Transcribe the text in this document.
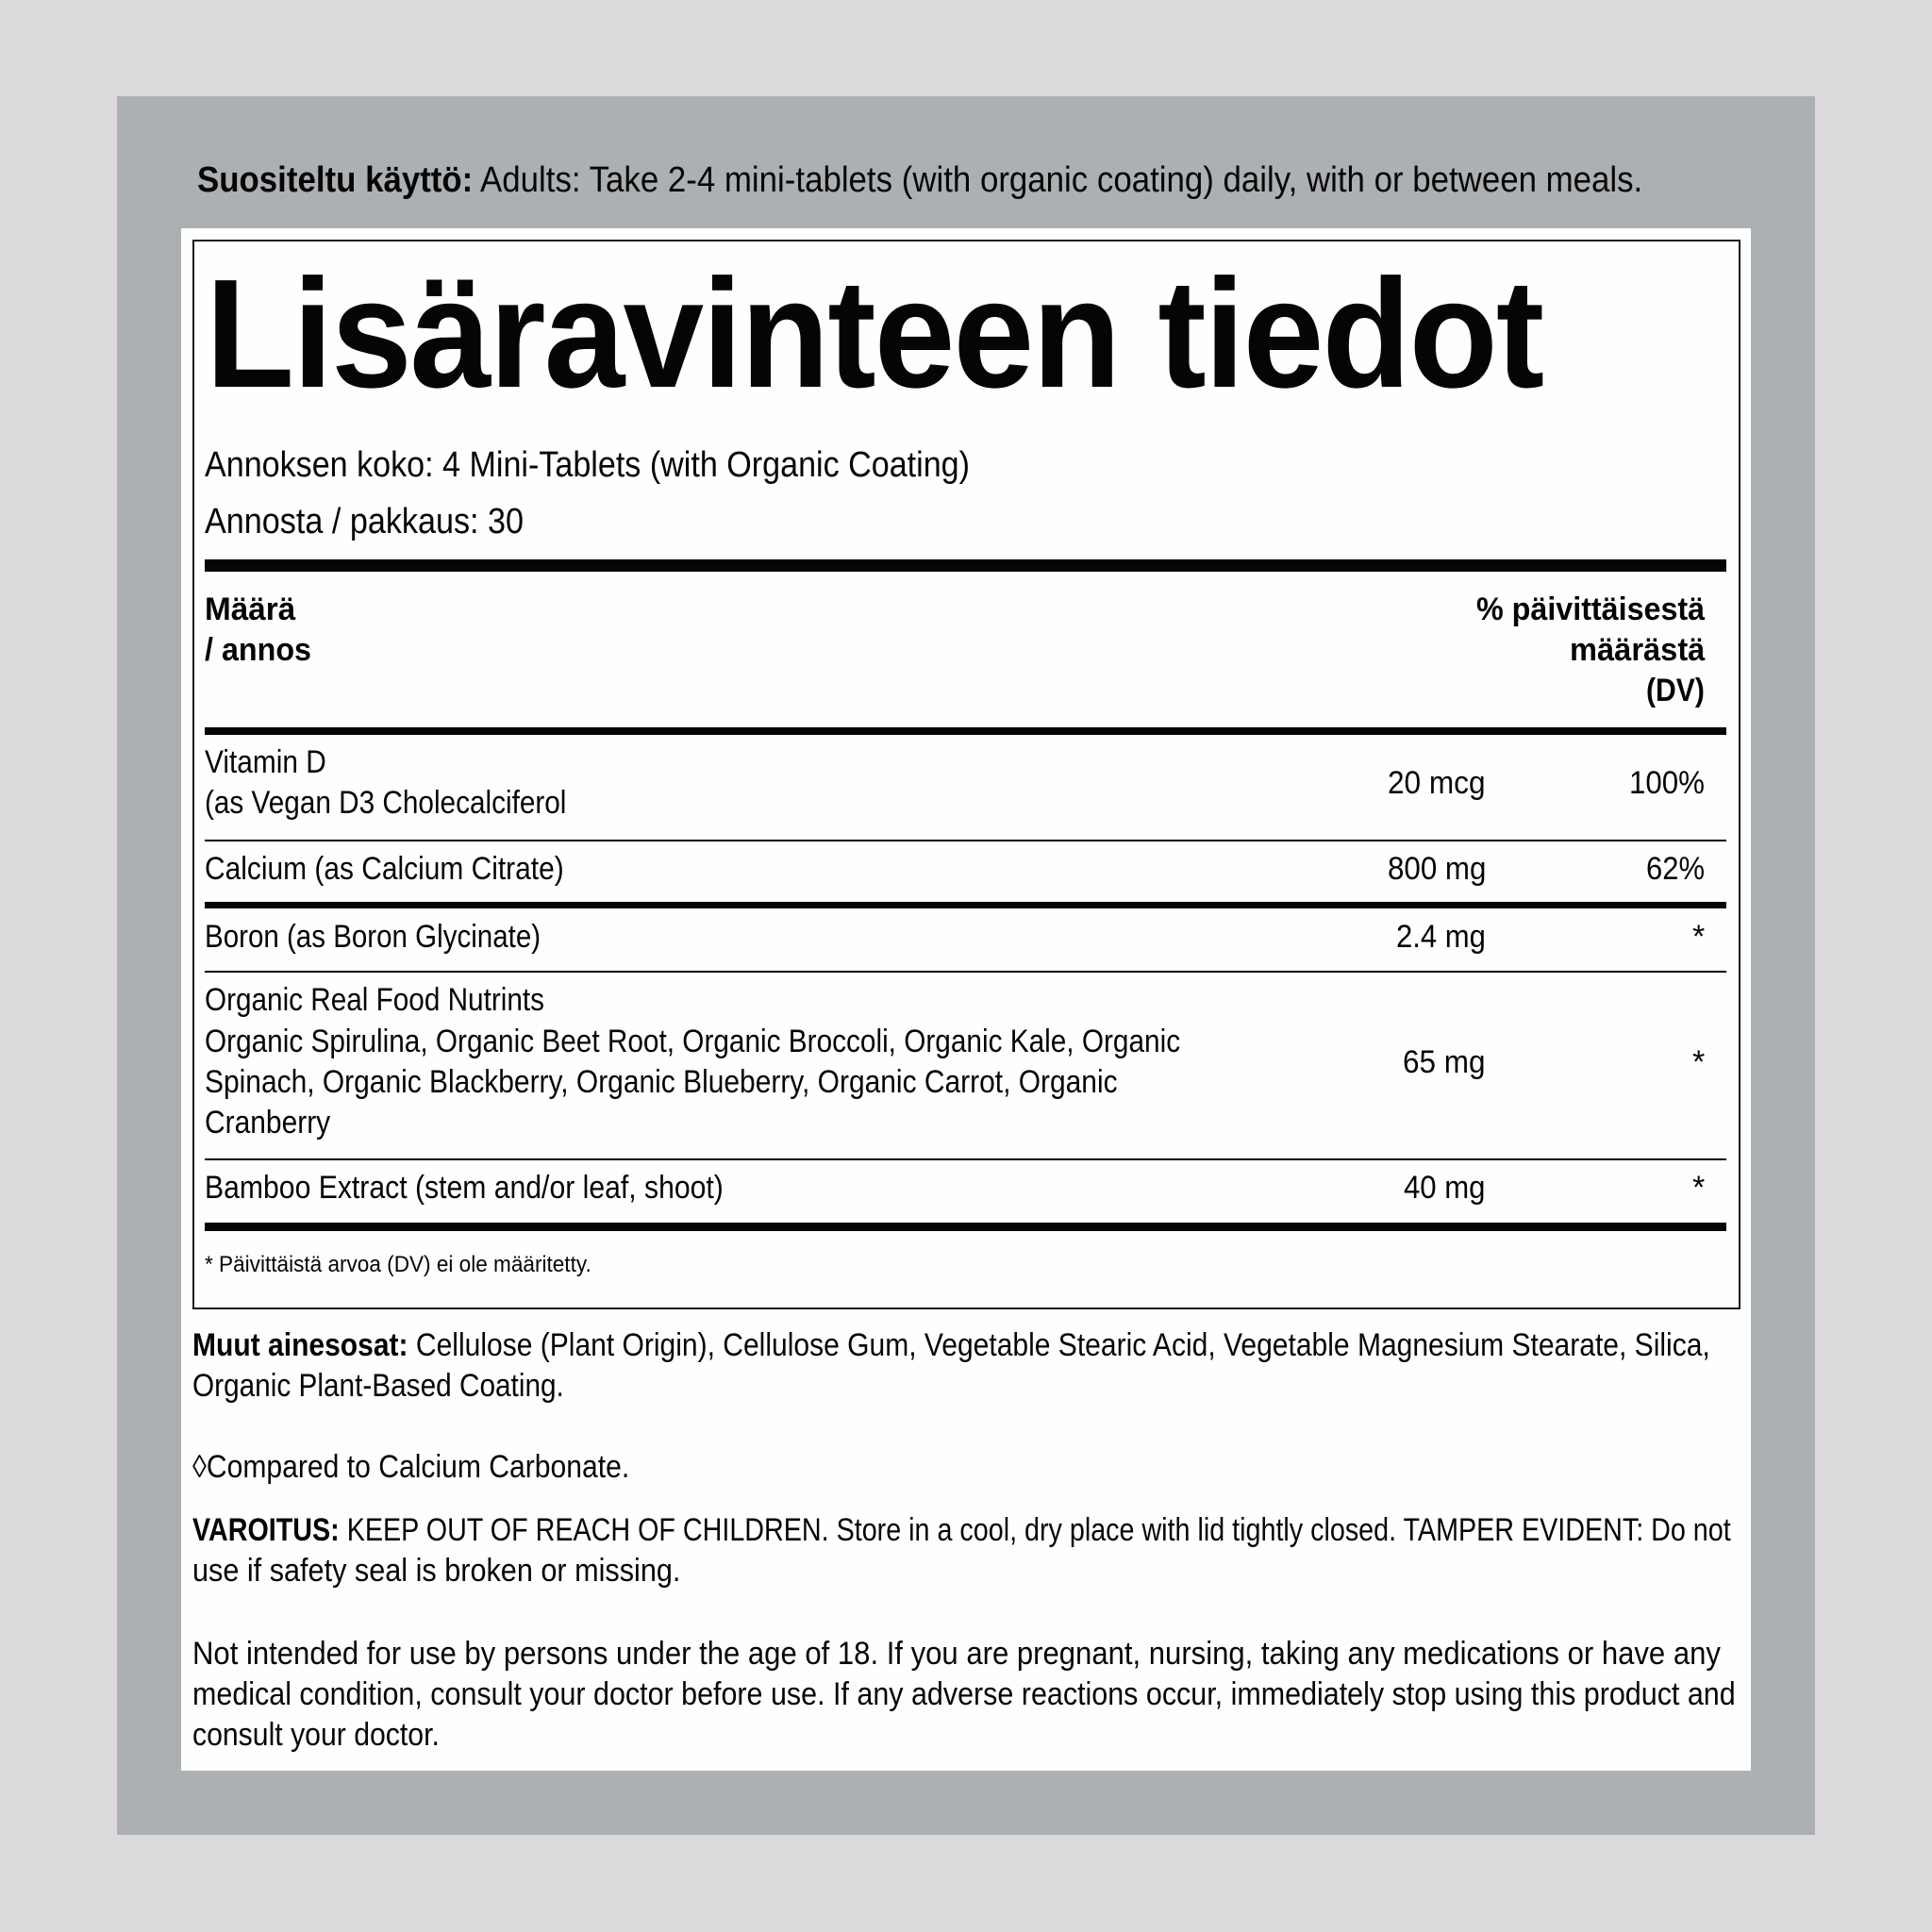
Suositeltu käyttö: Adults: Take 2-4 mini-tablets (with organic coating) daily, with or between meals.
Lisäravinteen tiedot
Annoksen koko: 4 Mini-Tablets (with Organic Coating)
Annosta / pakkaus: 30
Määrä
/ annos
% päivittäisestä
määrästä
(DV)
Vitamin D
(as Vegan D3 Cholecalciferol
20 mcg	100%
Calcium (as Calcium Citrate)	800 mg	62%
Boron (as Boron Glycinate)	2.4 mg	*
Organic Real Food Nutrints
Organic Spirulina, Organic Beet Root, Organic Broccoli, Organic Kale, Organic
Spinach, Organic Blackberry, Organic Blueberry, Organic Carrot, Organic
Cranberry
65 mg	*
Bamboo Extract (stem and/or leaf, shoot)	40 mg	*
* Päivittäistä arvoa (DV) ei ole määritetty.
Muut ainesosat: Cellulose (Plant Origin), Cellulose Gum, Vegetable Stearic Acid, Vegetable Magnesium Stearate, Silica,
Organic Plant-Based Coating.
◊Compared to Calcium Carbonate.
VAROITUS: KEEP OUT OF REACH OF CHILDREN. Store in a cool, dry place with lid tightly closed. TAMPER EVIDENT: Do not
use if safety seal is broken or missing.
Not intended for use by persons under the age of 18. If you are pregnant, nursing, taking any medications or have any
medical condition, consult your doctor before use. If any adverse reactions occur, immediately stop using this product and
consult your doctor.
